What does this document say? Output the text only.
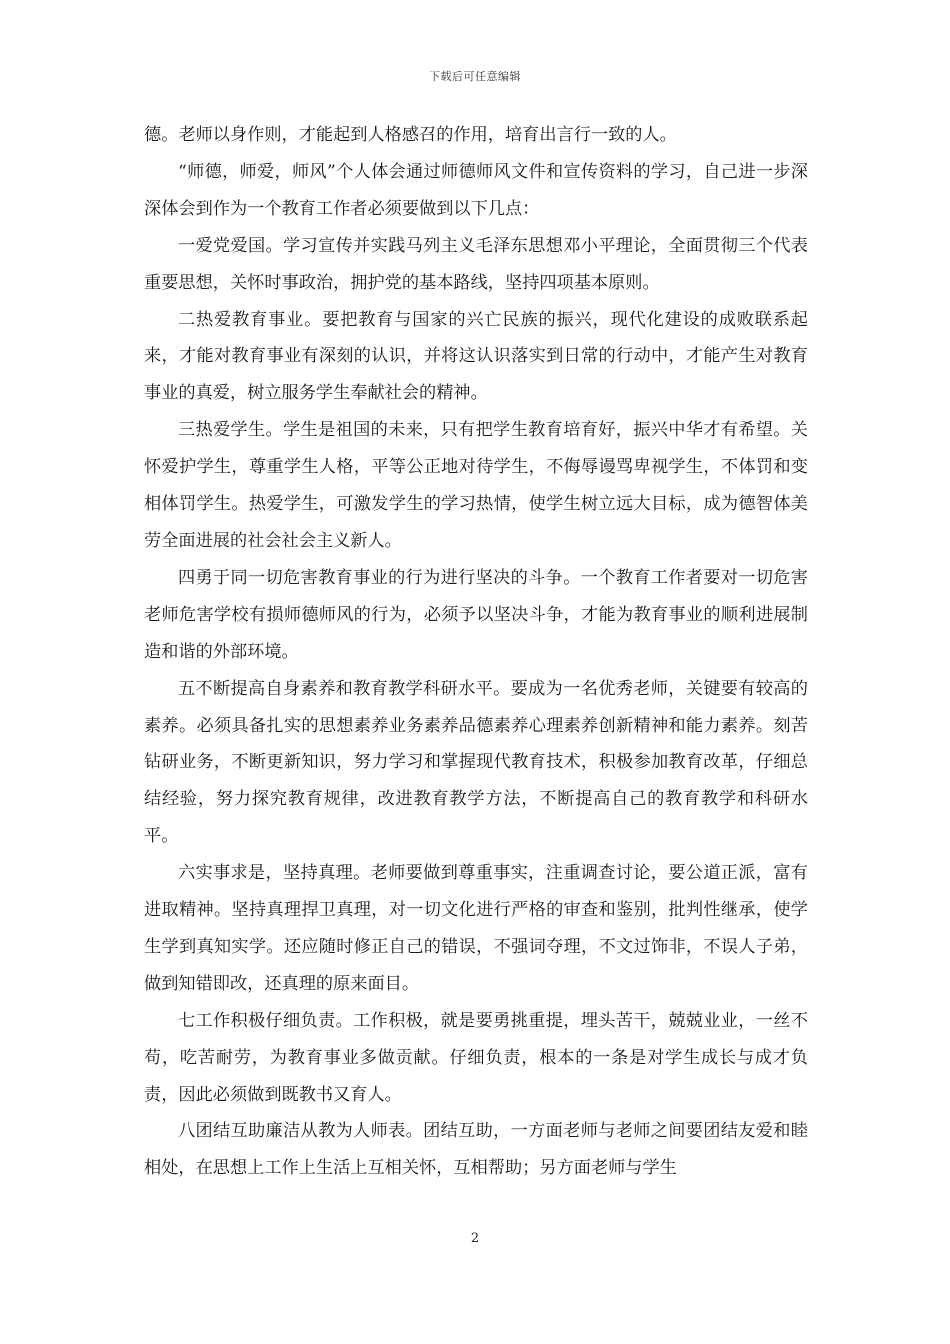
下载后可任意编辑

德。老师以身作则，才能起到人格感召的作用，培育出言行一致的人。

“师德，师爱，师风”个人体会通过师德师风文件和宣传资料的学习，自己进一步深深体会到作为一个教育工作者必须要做到以下几点：

一爱党爱国。学习宣传并实践马列主义毛泽东思想邓小平理论，全面贯彻三个代表重要思想，关怀时事政治，拥护党的基本路线，坚持四项基本原则。

二热爱教育事业。要把教育与国家的兴亡民族的振兴，现代化建设的成败联系起来，才能对教育事业有深刻的认识，并将这认识落实到日常的行动中，才能产生对教育事业的真爱，树立服务学生奉献社会的精神。

三热爱学生。学生是祖国的未来，只有把学生教育培育好，振兴中华才有希望。关怀爱护学生，尊重学生人格，平等公正地对待学生，不侮辱谩骂卑视学生，不体罚和变相体罚学生。热爱学生，可激发学生的学习热情，使学生树立远大目标，成为德智体美劳全面进展的社会社会主义新人。

四勇于同一切危害教育事业的行为进行坚决的斗争。一个教育工作者要对一切危害老师危害学校有损师德师风的行为，必须予以坚决斗争，才能为教育事业的顺利进展制造和谐的外部环境。

五不断提高自身素养和教育教学科研水平。要成为一名优秀老师，关键要有较高的素养。必须具备扎实的思想素养业务素养品德素养心理素养创新精神和能力素养。刻苦钻研业务，不断更新知识，努力学习和掌握现代教育技术，积极参加教育改革，仔细总结经验，努力探究教育规律，改进教育教学方法，不断提高自己的教育教学和科研水平。

六实事求是，坚持真理。老师要做到尊重事实，注重调查讨论，要公道正派，富有进取精神。坚持真理捍卫真理，对一切文化进行严格的审查和鉴别，批判性继承，使学生学到真知实学。还应随时修正自己的错误，不强词夺理，不文过饰非，不误人子弟，做到知错即改，还真理的原来面目。

七工作积极仔细负责。工作积极，就是要勇挑重提，埋头苦干，兢兢业业，一丝不苟，吃苦耐劳，为教育事业多做贡献。仔细负责，根本的一条是对学生成长与成才负责，因此必须做到既教书又育人。

八团结互助廉洁从教为人师表。团结互助，一方面老师与老师之间要团结友爱和睦相处，在思想上工作上生活上互相关怀，互相帮助；另方面老师与学生

2
